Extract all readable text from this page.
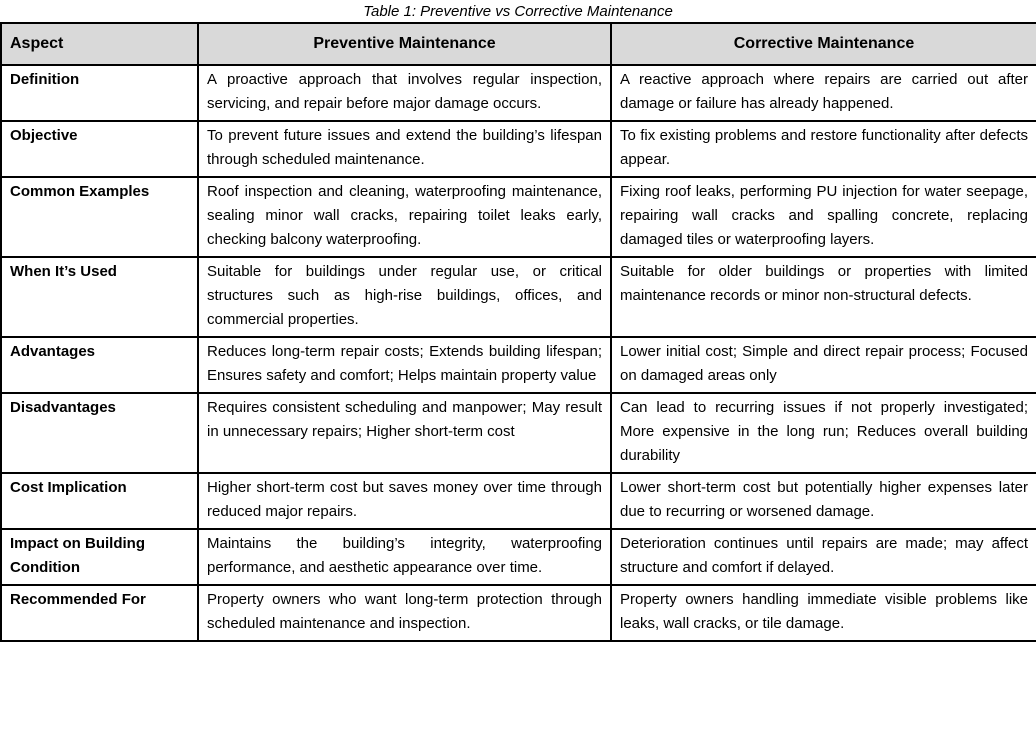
Table 1: Preventive vs Corrective Maintenance
Aspect	Preventive Maintenance	Corrective Maintenance
Definition	A proactive approach that involves regular inspection, servicing, and repair before major damage occurs.	A reactive approach where repairs are carried out after damage or failure has already happened.
Objective	To prevent future issues and extend the building’s lifespan through scheduled maintenance.	To fix existing problems and restore functionality after defects appear.
Common Examples	Roof inspection and cleaning, waterproofing maintenance, sealing minor wall cracks, repairing toilet leaks early, checking balcony waterproofing.	Fixing roof leaks, performing PU injection for water seepage, repairing wall cracks and spalling concrete, replacing damaged tiles or waterproofing layers.
When It’s Used	Suitable for buildings under regular use, or critical structures such as high-rise buildings, offices, and commercial properties.	Suitable for older buildings or properties with limited maintenance records or minor non-structural defects.
Advantages	Reduces long-term repair costs; Extends building lifespan; Ensures safety and comfort; Helps maintain property value	Lower initial cost; Simple and direct repair process; Focused on damaged areas only
Disadvantages	Requires consistent scheduling and manpower; May result in unnecessary repairs; Higher short-term cost	Can lead to recurring issues if not properly investigated; More expensive in the long run; Reduces overall building durability
Cost Implication	Higher short-term cost but saves money over time through reduced major repairs.	Lower short-term cost but potentially higher expenses later due to recurring or worsened damage.
Impact on Building Condition	Maintains the building’s integrity, waterproofing performance, and aesthetic appearance over time.	Deterioration continues until repairs are made; may affect structure and comfort if delayed.
Recommended For	Property owners who want long-term protection through scheduled maintenance and inspection.	Property owners handling immediate visible problems like leaks, wall cracks, or tile damage.
